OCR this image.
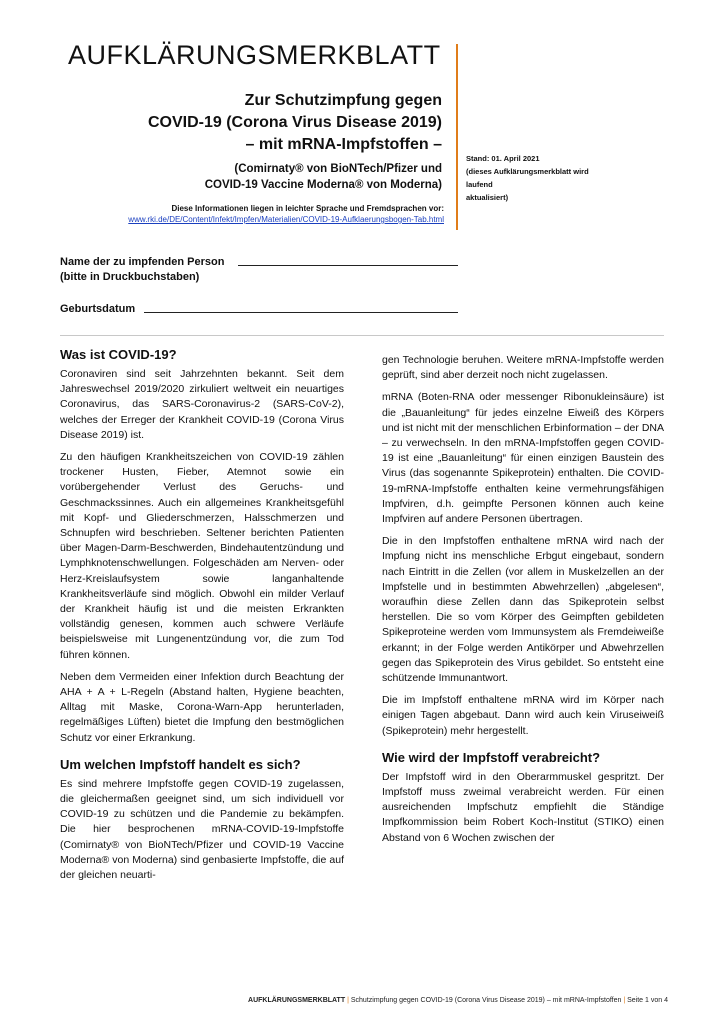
AUFKLÄRUNGSMERKBLATT
Zur Schutzimpfung gegen
COVID-19 (Corona Virus Disease 2019)
– mit mRNA-Impfstoffen –
(Comirnaty® von BioNTech/Pfizer und
COVID-19 Vaccine Moderna® von Moderna)
Diese Informationen liegen in leichter Sprache und Fremdsprachen vor:
www.rki.de/DE/Content/Infekt/Impfen/Materialien/COVID-19-Aufklaerungsbogen-Tab.html
Stand: 01. April 2021
(dieses Aufklärungsmerkblatt wird laufend
aktualisiert)
Name der zu impfenden Person
(bitte in Druckbuchstaben)
Geburtsdatum
Was ist COVID-19?

Coronaviren sind seit Jahrzehnten bekannt. Seit dem Jahreswechsel 2019/2020 zirkuliert weltweit ein neuartiges Coronavirus, das SARS-Coronavirus-2 (SARS-CoV-2), welches der Erreger der Krankheit COVID-19 (Corona Virus Disease 2019) ist.

Zu den häufigen Krankheitszeichen von COVID-19 zählen trockener Husten, Fieber, Atemnot sowie ein vorübergehender Verlust des Geruchs- und Geschmackssinnes. Auch ein allgemeines Krankheitsgefühl mit Kopf- und Gliederschmerzen, Halsschmerzen und Schnupfen wird beschrieben. Seltener berichten Patienten über Magen-Darm-Beschwerden, Bindehautentzündung und Lymphknotenschwellungen. Folgeschäden am Nerven- oder Herz-Kreislaufsystem sowie langanhaltende Krankheitsverläufe sind möglich. Obwohl ein milder Verlauf der Krankheit häufig ist und die meisten Erkrankten vollständig genesen, kommen auch schwere Verläufe beispielsweise mit Lungenentzündung vor, die zum Tod führen können.

Neben dem Vermeiden einer Infektion durch Beachtung der AHA + A + L-Regeln (Abstand halten, Hygiene beachten, Alltag mit Maske, Corona-Warn-App herunterladen, regelmäßiges Lüften) bietet die Impfung den bestmöglichen Schutz vor einer Erkrankung.

Um welchen Impfstoff handelt es sich?

Es sind mehrere Impfstoffe gegen COVID-19 zugelassen, die gleichermaßen geeignet sind, um sich individuell vor COVID-19 zu schützen und die Pandemie zu bekämpfen. Die hier besprochenen mRNA-COVID-19-Impfstoffe (Comirnaty® von BioNTech/Pfizer und COVID-19 Vaccine Moderna® von Moderna) sind genbasierte Impfstoffe, die auf der gleichen neuarti-

gen Technologie beruhen. Weitere mRNA-Impfstoffe werden geprüft, sind aber derzeit noch nicht zugelassen.

mRNA (Boten-RNA oder messenger Ribonukleinsäure) ist die „Bauanleitung“ für jedes einzelne Eiweiß des Körpers und ist nicht mit der menschlichen Erbinformation – der DNA – zu verwechseln. In den mRNA-Impfstoffen gegen COVID-19 ist eine „Bauanleitung“ für einen einzigen Baustein des Virus (das sogenannte Spikeprotein) enthalten. Die COVID-19-mRNA-Impfstoffe enthalten keine vermehrungsfähigen Impfviren, d.h. geimpfte Personen können auch keine Impfviren auf andere Personen übertragen.

Die in den Impfstoffen enthaltene mRNA wird nach der Impfung nicht ins menschliche Erbgut eingebaut, sondern nach Eintritt in die Zellen (vor allem in Muskelzellen an der Impfstelle und in bestimmten Abwehrzellen) „abgelesen“, woraufhin diese Zellen dann das Spikeprotein selbst herstellen. Die so vom Körper des Geimpften gebildeten Spikeproteine werden vom Immunsystem als Fremdeiweiße erkannt; in der Folge werden Antikörper und Abwehrzellen gegen das Spikeprotein des Virus gebildet. So entsteht eine schützende Immunantwort.

Die im Impfstoff enthaltene mRNA wird im Körper nach einigen Tagen abgebaut. Dann wird auch kein Viruseiweiß (Spikeprotein) mehr hergestellt.

Wie wird der Impfstoff verabreicht?

Der Impfstoff wird in den Oberarmmuskel gespritzt. Der Impfstoff muss zweimal verabreicht werden. Für einen ausreichenden Impfschutz empfiehlt die Ständige Impfkommission beim Robert Koch-Institut (STIKO) einen Abstand von 6 Wochen zwischen der

AUFKLÄRUNGSMERKBLATT | Schutzimpfung gegen COVID-19 (Corona Virus Disease 2019) – mit mRNA-Impfstoffen | Seite 1 von 4
